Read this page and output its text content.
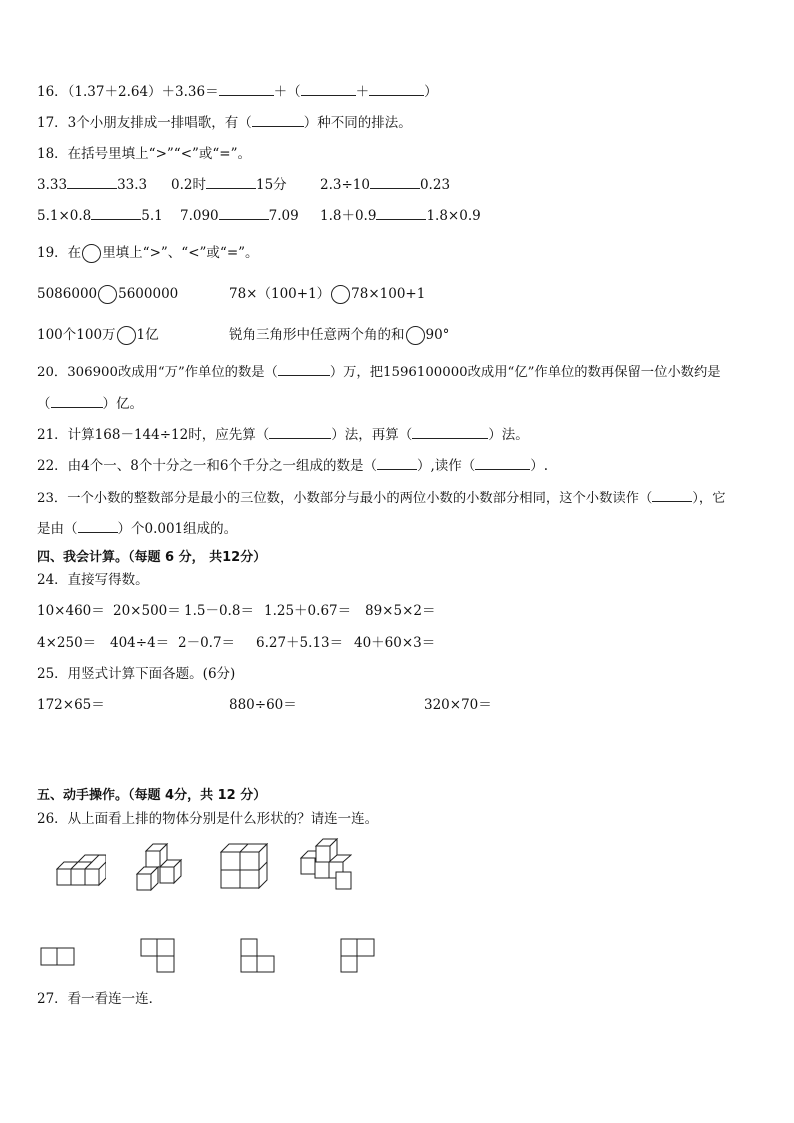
16．（1.37＋2.64）＋3.36＝	＋（	＋	）
17．3个小朋友排成一排唱歌，有（	）种不同的排法。
18．在括号里填上“>”“<”或“=”。
3.33	33.3 0.2时	15分 2.3÷10	0.23
5.1×0.8	5.1 7.090	7.09 1.8＋0.9	1.8×0.9
19．在 里填上“>”、“<”或“=”。
5086000 5600000	78×（100+1） 78×100+1
100个100万 1亿	锐角三角形中任意两个角的和 90°
20．306900改成用“万”作单位的数是（	）万，把1596100000改成用“亿”作单位的数再保留一位小数约是
（	）亿。
21．计算168－144÷12时，应先算（	）法，再算（	）法。
22．由4个一、8个十分之一和6个千分之一组成的数是（	）,读作（	）.
23．一个小数的整数部分是最小的三位数，小数部分与最小的两位小数的小数部分相同，这个小数读作（	），它
是由（	）个0.001组成的。
四、我会计算。（每题 6 分， 共12分）
24．直接写得数。
10×460＝ 20×500＝ 1.5－0.8＝ 1.25＋0.67＝ 89×5×2＝
4×250＝ 404÷4＝ 2－0.7＝ 6.27＋5.13＝ 40＋60×3＝
25．用竖式计算下面各题。(6分)
172×65＝	880÷60＝	320×70＝
五、动手操作。（每题 4分，共 12 分）
26．从上面看上排的物体分别是什么形状的？请连一连。
27．看一看连一连．
